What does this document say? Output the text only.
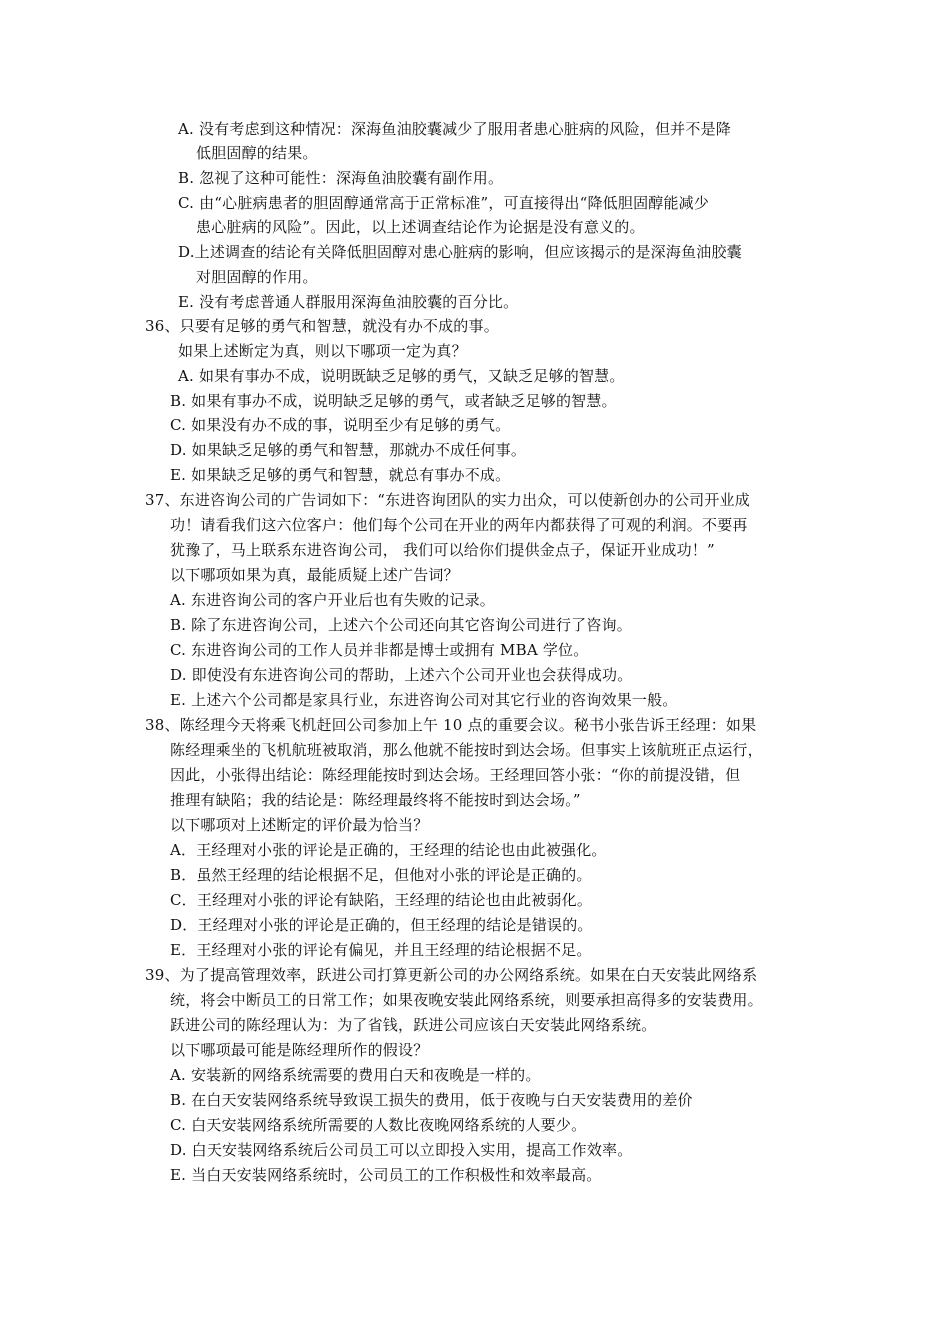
A. 没有考虑到这种情况：深海鱼油胶囊减少了服用者患心脏病的风险，但并不是降
低胆固醇的结果。
B. 忽视了这种可能性：深海鱼油胶囊有副作用。
C. 由“心脏病患者的胆固醇通常高于正常标准”，可直接得出“降低胆固醇能减少
患心脏病的风险”。因此，以上述调查结论作为论据是没有意义的。
D.上述调查的结论有关降低胆固醇对患心脏病的影响，但应该揭示的是深海鱼油胶囊
对胆固醇的作用。
E. 没有考虑普通人群服用深海鱼油胶囊的百分比。
36、只要有足够的勇气和智慧，就没有办不成的事。
如果上述断定为真，则以下哪项一定为真？
A. 如果有事办不成，说明既缺乏足够的勇气，又缺乏足够的智慧。
B. 如果有事办不成，说明缺乏足够的勇气，或者缺乏足够的智慧。
C. 如果没有办不成的事，说明至少有足够的勇气。
D. 如果缺乏足够的勇气和智慧，那就办不成任何事。
E. 如果缺乏足够的勇气和智慧，就总有事办不成。
37、东进咨询公司的广告词如下：“东进咨询团队的实力出众，可以使新创办的公司开业成
功！请看我们这六位客户：他们每个公司在开业的两年内都获得了可观的利润。不要再
犹豫了，马上联系东进咨询公司， 我们可以给你们提供金点子，保证开业成功！”
以下哪项如果为真，最能质疑上述广告词？
A. 东进咨询公司的客户开业后也有失败的记录。
B. 除了东进咨询公司，上述六个公司还向其它咨询公司进行了咨询。
C. 东进咨询公司的工作人员并非都是博士或拥有 MBA 学位。
D. 即使没有东进咨询公司的帮助，上述六个公司开业也会获得成功。
E. 上述六个公司都是家具行业，东进咨询公司对其它行业的咨询效果一般。
38、陈经理今天将乘飞机赶回公司参加上午 10 点的重要会议。秘书小张告诉王经理：如果
陈经理乘坐的飞机航班被取消，那么他就不能按时到达会场。但事实上该航班正点运行，
因此，小张得出结论：陈经理能按时到达会场。王经理回答小张：“你的前提没错，但
推理有缺陷；我的结论是：陈经理最终将不能按时到达会场。”
以下哪项对上述断定的评价最为恰当？
A．王经理对小张的评论是正确的，王经理的结论也由此被强化。
B．虽然王经理的结论根据不足，但他对小张的评论是正确的。
C．王经理对小张的评论有缺陷，王经理的结论也由此被弱化。
D．王经理对小张的评论是正确的，但王经理的结论是错误的。
E．王经理对小张的评论有偏见，并且王经理的结论根据不足。
39、为了提高管理效率，跃进公司打算更新公司的办公网络系统。如果在白天安装此网络系
统，将会中断员工的日常工作；如果夜晚安装此网络系统，则要承担高得多的安装费用。
跃进公司的陈经理认为：为了省钱，跃进公司应该白天安装此网络系统。
以下哪项最可能是陈经理所作的假设？
A. 安装新的网络系统需要的费用白天和夜晚是一样的。
B. 在白天安装网络系统导致误工损失的费用，低于夜晚与白天安装费用的差价
C. 白天安装网络系统所需要的人数比夜晚网络系统的人要少。
D. 白天安装网络系统后公司员工可以立即投入实用，提高工作效率。
E. 当白天安装网络系统时，公司员工的工作积极性和效率最高。
